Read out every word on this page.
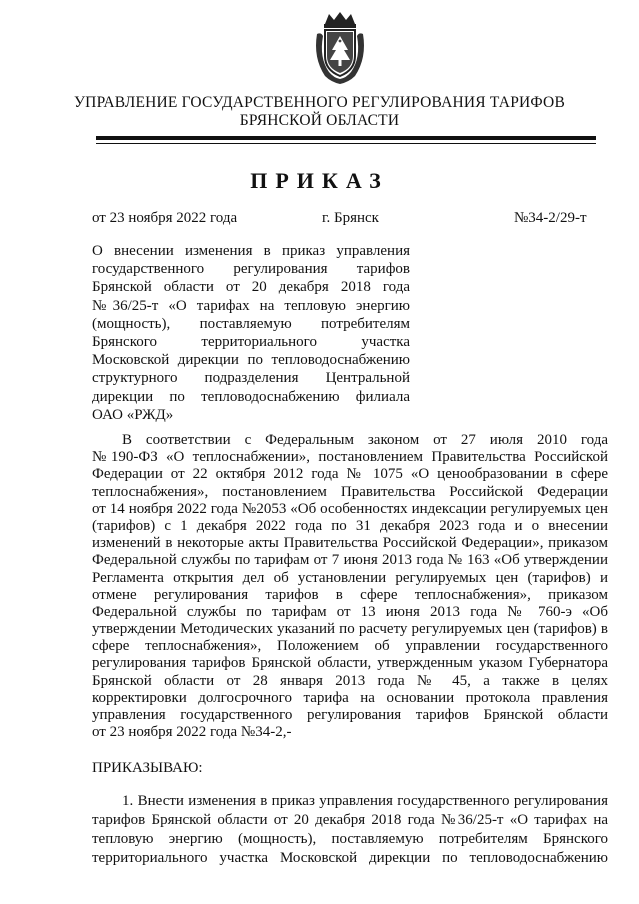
УПРАВЛЕНИЕ ГОСУДАРСТВЕННОГО РЕГУЛИРОВАНИЯ ТАРИФОВ
БРЯНСКОЙ ОБЛАСТИ
ПРИКАЗ
от 23 ноября 2022 года	г. Брянск	№34-2/29-т
О внесении изменения в приказ управления
государственного регулирования тарифов
Брянской области от 20 декабря 2018 года
№36/25-т «О тарифах на тепловую энергию
(мощность), поставляемую потребителям
Брянского территориального участка
Московской дирекции по тепловодоснабжению
структурного подразделения Центральной
дирекции по тепловодоснабжению филиала
ОАО «РЖД»
В соответствии с Федеральным законом от 27 июля 2010 года
№190-ФЗ «О теплоснабжении», постановлением Правительства Российской
Федерации от 22 октября 2012 года № 1075 «О ценообразовании в сфере
теплоснабжения», постановлением Правительства Российской Федерации
от 14 ноября 2022 года №2053 «Об особенностях индексации регулируемых цен
(тарифов) с 1 декабря 2022 года по 31 декабря 2023 года и о внесении
изменений в некоторые акты Правительства Российской Федерации», приказом
Федеральной службы по тарифам от 7 июня 2013 года № 163 «Об утверждении
Регламента открытия дел об установлении регулируемых цен (тарифов) и
отмене регулирования тарифов в сфере теплоснабжения», приказом
Федеральной службы по тарифам от 13 июня 2013 года № 760-э «Об
утверждении Методических указаний по расчету регулируемых цен (тарифов) в
сфере теплоснабжения», Положением об управлении государственного
регулирования тарифов Брянской области, утвержденным указом Губернатора
Брянской области от 28 января 2013 года № 45, а также в целях
корректировки долгосрочного тарифа на основании протокола правления
управления государственного регулирования тарифов Брянской области
от 23 ноября 2022 года №34-2,-
ПРИКАЗЫВАЮ:
1. Внести изменения в приказ управления государственного регулирования
тарифов Брянской области от 20 декабря 2018 года №36/25-т «О тарифах на
тепловую энергию (мощность), поставляемую потребителям Брянского
территориального участка Московской дирекции по тепловодоснабжению
